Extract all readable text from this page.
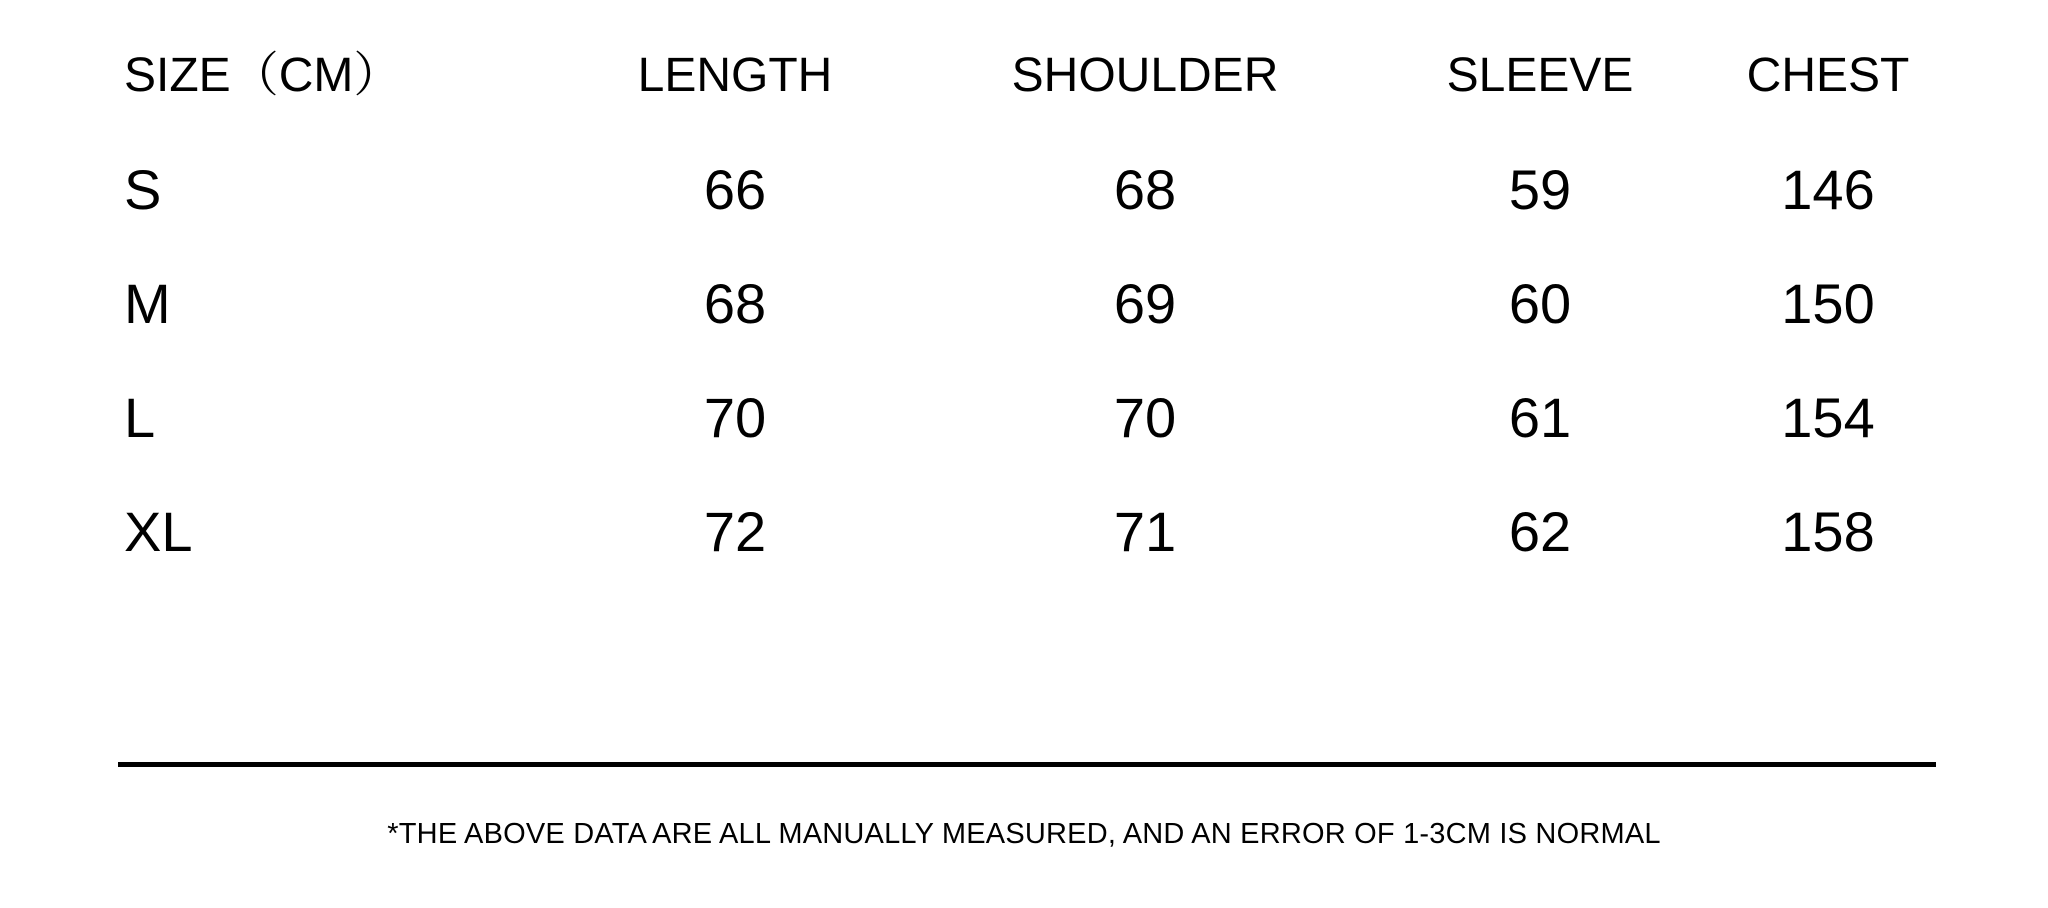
SIZE（CM）	LENGTH	SHOULDER	SLEEVE	CHEST
S	66	68	59	146
M	68	69	60	150
L	70	70	61	154
XL	72	71	62	158
*THE ABOVE DATA ARE ALL MANUALLY MEASURED, AND AN ERROR OF 1-3CM IS NORMAL
